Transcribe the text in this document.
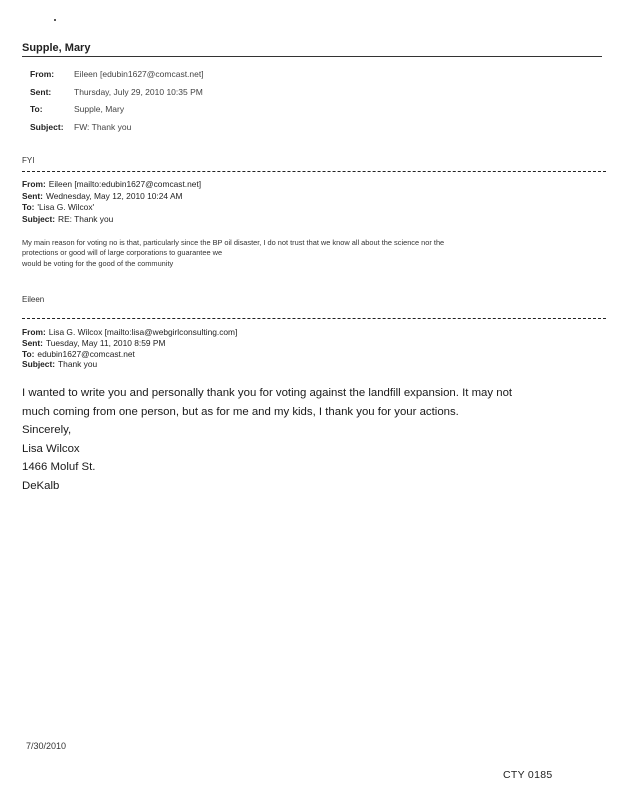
Supple, Mary
From:	Eileen [edubin1627@comcast.net]
Sent:	Thursday, July 29, 2010 10:35 PM
To:	Supple, Mary
Subject:	FW: Thank you
FYI
From: Eileen [mailto:edubin1627@comcast.net]
Sent: Wednesday, May 12, 2010 10:24 AM
To: 'Lisa G. Wilcox'
Subject: RE: Thank you
My main reason for voting no is that, particularly since the BP oil disaster, I do not trust that we know all about the science nor the
protections or good will of large corporations to guarantee we
would be voting for the good of the community
Eileen
From: Lisa G. Wilcox [mailto:lisa@webgirlconsulting.com]
Sent: Tuesday, May 11, 2010 8:59 PM
To: edubin1627@comcast.net
Subject: Thank you
I wanted to write you and personally thank you for voting against the landfill expansion. It may not
much coming from one person, but as for me and my kids, I thank you for your actions.
Sincerely,
Lisa Wilcox
1466 Moluf St.
DeKalb
7/30/2010
CTY 0185
